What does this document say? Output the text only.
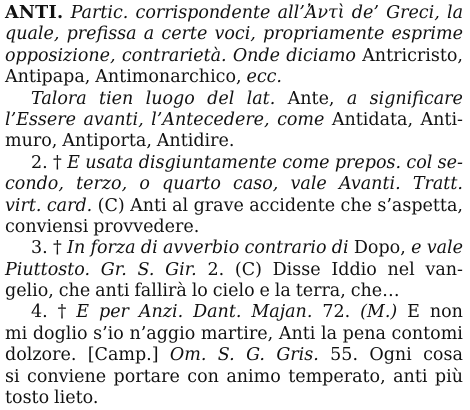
ANTI. Partic. corrispondente all’Ἀντὶ de’ Greci, la
quale, prefissa a certe voci, propriamente esprime
opposizione, contrarietà. Onde diciamo Antricristo,
Antipapa, Antimonarchico, ecc.
Talora tien luogo del lat. Ante, a significare
l’Essere avanti, l’Antecedere, come Antidata, Anti-
muro, Antiporta, Antidire.
2. † E usata disgiuntamente come prepos. col se-
condo, terzo, o quarto caso, vale Avanti. Tratt.
virt. card. (C) Anti al grave accidente che s’aspetta,
conviensi provvedere.
3. † In forza di avverbio contrario di Dopo, e vale
Piuttosto. Gr. S. Gir. 2. (C) Disse Iddio nel van-
gelio, che anti fallirà lo cielo e la terra, che…
4. † E per Anzi. Dant. Majan. 72. (M.) E non
mi doglio s’io n’aggio martire, Anti la pena contomi
dolzore. [Camp.] Om. S. G. Gris. 55. Ogni cosa
si conviene portare con animo temperato, anti più
tosto lieto.
